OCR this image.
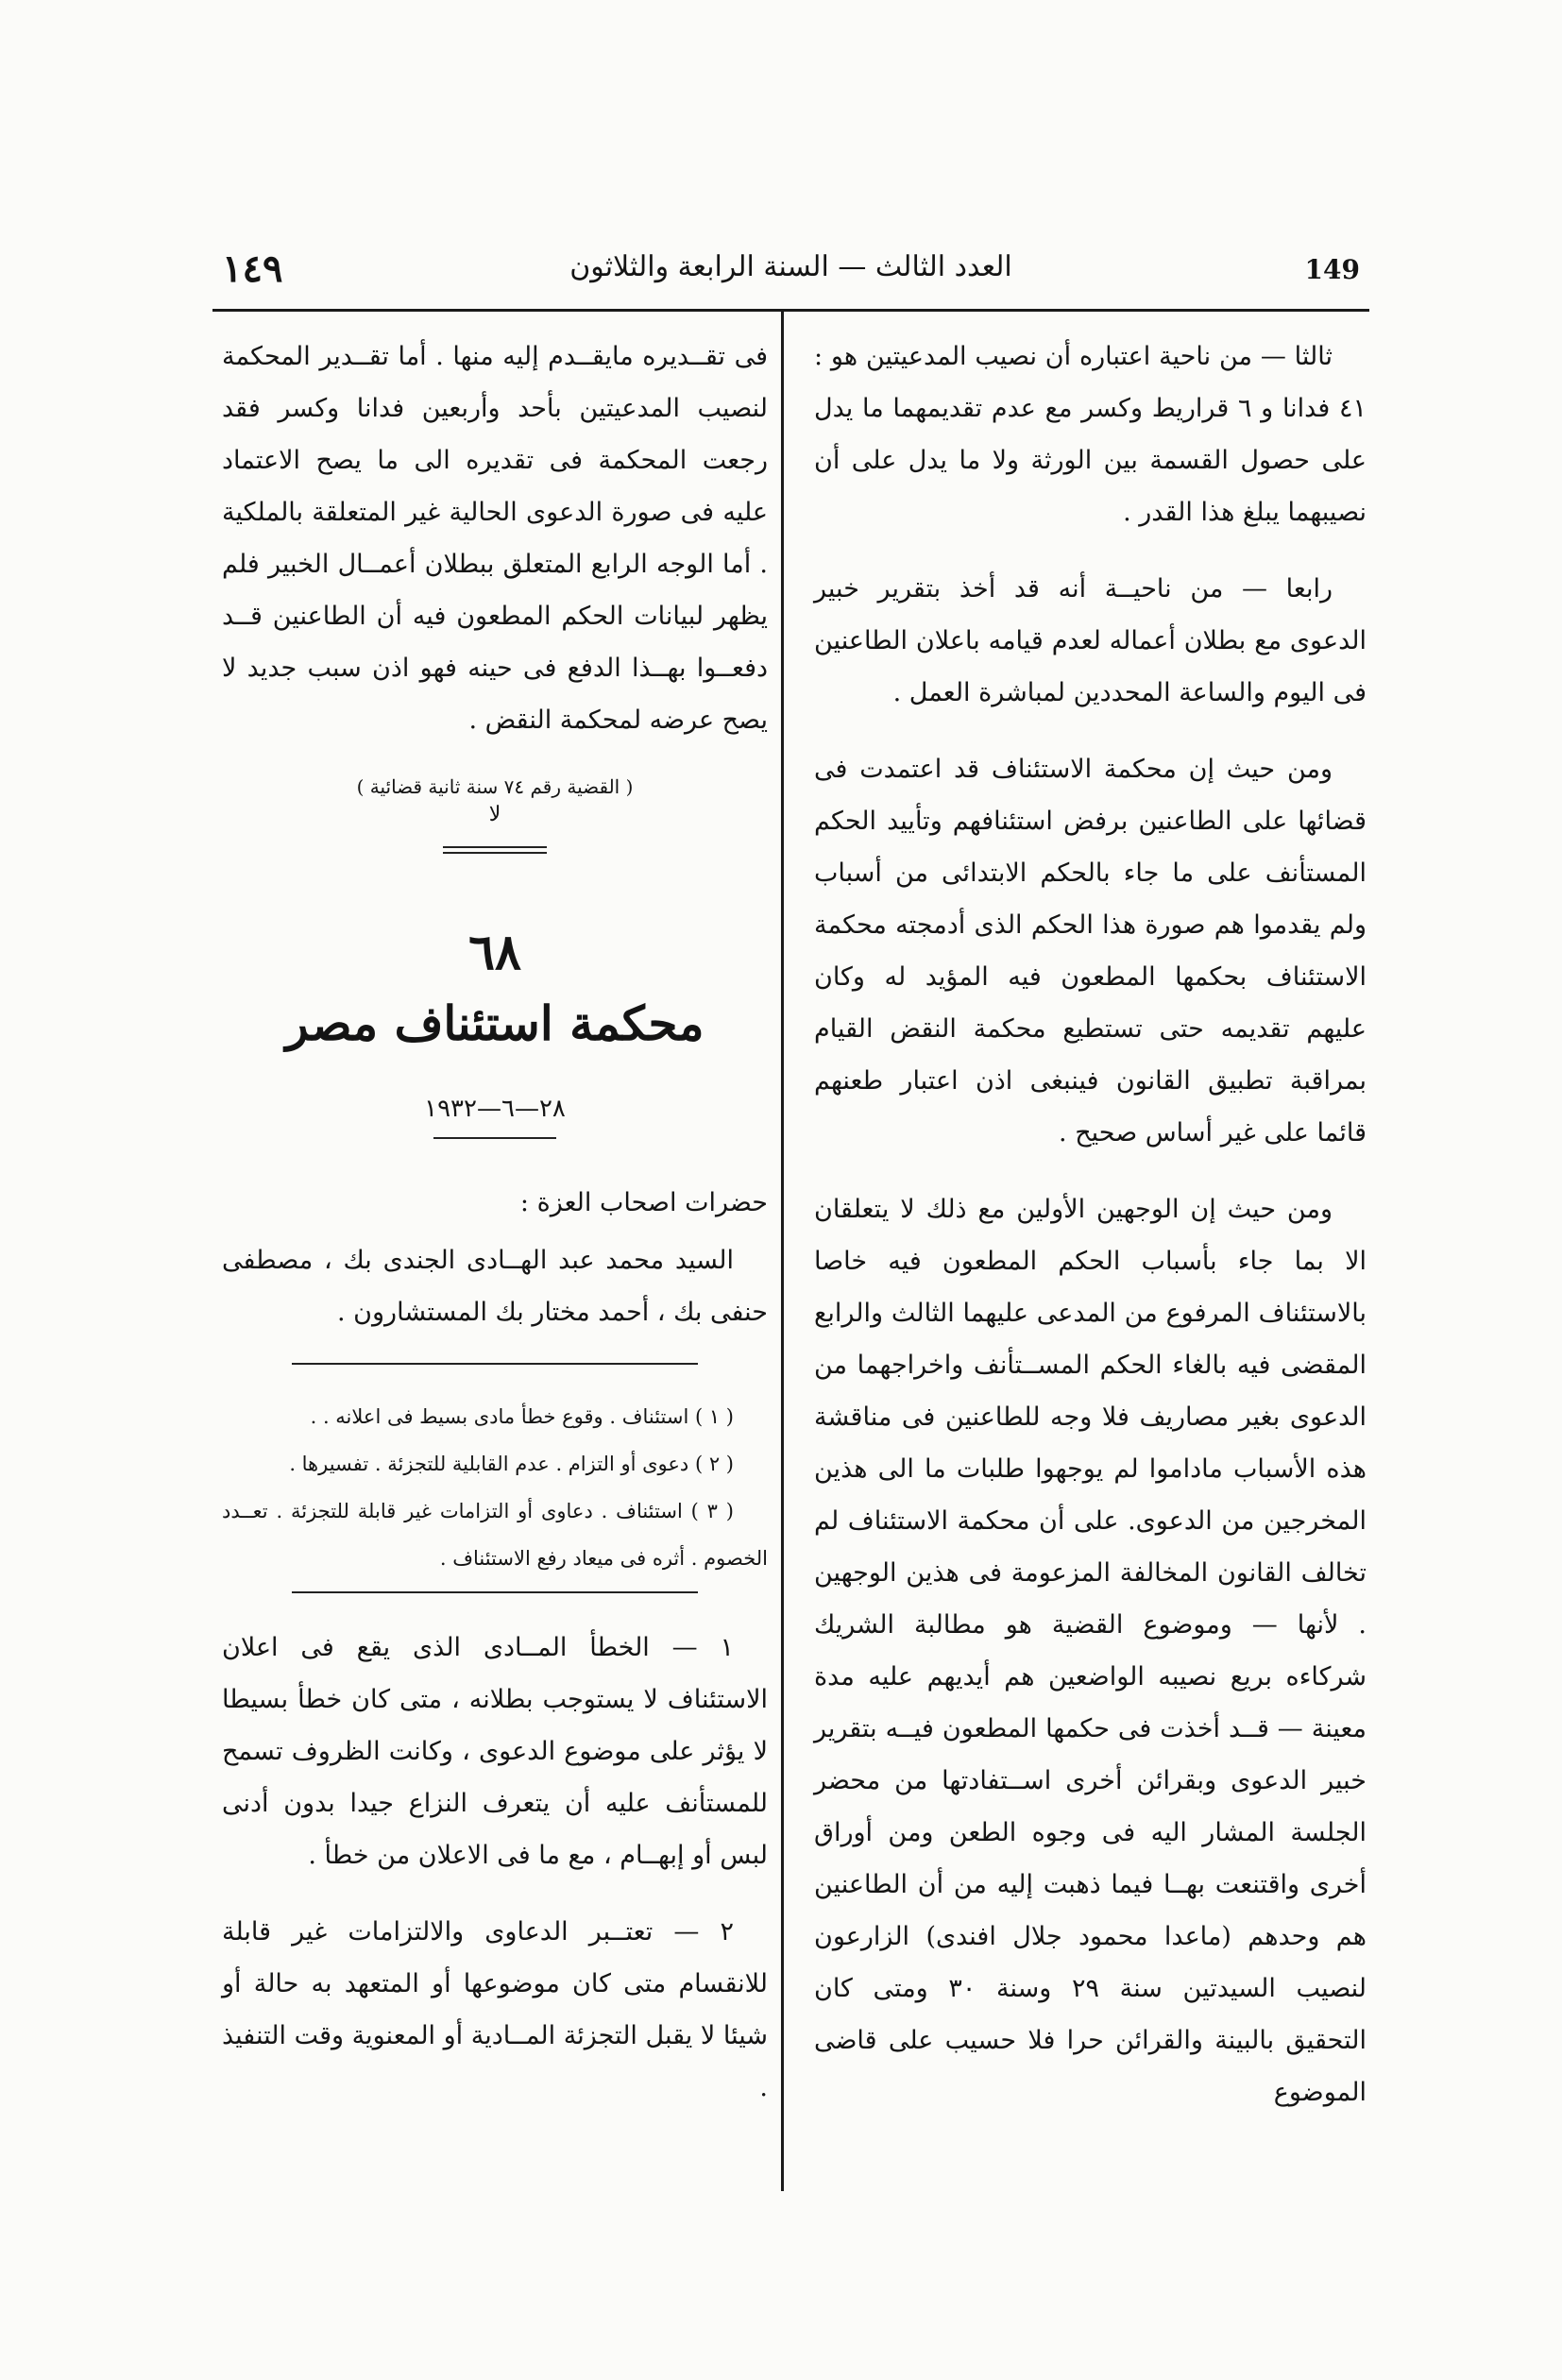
١٤٩	العدد الثالث — السنة الرابعة والثلاثون	149

ثالثا — من ناحية اعتباره أن نصيب المدعيتين هو : ٤١ فدانا و ٦ قراريط وكسر مع عدم تقديمهما ما يدل على حصول القسمة بين الورثة ولا ما يدل على أن نصيبهما يبلغ هذا القدر .

رابعا — من ناحيــة أنه قد أخذ بتقرير خبير الدعوى مع بطلان أعماله لعدم قيامه باعلان الطاعنين فى اليوم والساعة المحددين لمباشرة العمل .

ومن حيث إن محكمة الاستئناف قد اعتمدت فى قضائها على الطاعنين برفض استئنافهم وتأييد الحكم المستأنف على ما جاء بالحكم الابتدائى من أسباب ولم يقدموا هم صورة هذا الحكم الذى أدمجته محكمة الاستئناف بحكمها المطعون فيه المؤيد له وكان عليهم تقديمه حتى تستطيع محكمة النقض القيام بمراقبة تطبيق القانون فينبغى اذن اعتبار طعنهم قائما على غير أساس صحيح .

ومن حيث إن الوجهين الأولين مع ذلك لا يتعلقان الا بما جاء بأسباب الحكم المطعون فيه خاصا بالاستئناف المرفوع من المدعى عليهما الثالث والرابع المقضى فيه بالغاء الحكم المســتأنف واخراجهما من الدعوى بغير مصاريف فلا وجه للطاعنين فى مناقشة هذه الأسباب ماداموا لم يوجهوا طلبات ما الى هذين المخرجين من الدعوى. على أن محكمة الاستئناف لم تخالف القانون المخالفة المزعومة فى هذين الوجهين . لأنها — وموضوع القضية هو مطالبة الشريك شركاءه بريع نصيبه الواضعين هم أيديهم عليه مدة معينة — قــد أخذت فى حكمها المطعون فيــه بتقرير خبير الدعوى وبقرائن أخرى اســتفادتها من محضر الجلسة المشار اليه فى وجوه الطعن ومن أوراق أخرى واقتنعت بهــا فيما ذهبت إليه من أن الطاعنين هم وحدهم (ماعدا محمود جلال افندى) الزارعون لنصيب السيدتين سنة ٢٩ وسنة ٣٠ ومتى كان التحقيق بالبينة والقرائن حرا فلا حسيب على قاضى الموضوع

فى تقــديره مايقــدم إليه منها . أما تقــدير المحكمة لنصيب المدعيتين بأحد وأربعين فدانا وكسر فقد رجعت المحكمة فى تقديره الى ما يصح الاعتماد عليه فى صورة الدعوى الحالية غير المتعلقة بالملكية . أما الوجه الرابع المتعلق ببطلان أعمــال الخبير فلم يظهر لبيانات الحكم المطعون فيه أن الطاعنين قــد دفعــوا بهــذا الدفع فى حينه فهو اذن سبب جديد لا يصح عرضه لمحكمة النقض .

( القضية رقم ٧٤ سنة ثانية قضائية )
ﻻ

٦٨

محكمة استئناف مصر

٢٨—٦—١٩٣٢

حضرات اصحاب العزة :

السيد محمد عبد الهــادى الجندى بك ، مصطفى حنفى بك ، أحمد مختار بك المستشارون .

( ١ ) استئناف . وقوع خطأ مادى بسيط فى اعلانه . .

( ٢ ) دعوى أو التزام . عدم القابلية للتجزئة . تفسيرها .

( ٣ ) استئناف . دعاوى أو التزامات غير قابلة للتجزئة . تعــدد الخصوم . أثره فى ميعاد رفع الاستئناف .

١ — الخطأ المــادى الذى يقع فى اعلان الاستئناف لا يستوجب بطلانه ، متى كان خطأ بسيطا لا يؤثر على موضوع الدعوى ، وكانت الظروف تسمح للمستأنف عليه أن يتعرف النزاع جيدا بدون أدنى لبس أو إبهــام ، مع ما فى الاعلان من خطأ .

٢ — تعتــبر الدعاوى والالتزامات غير قابلة للانقسام متى كان موضوعها أو المتعهد به حالة أو شيئا لا يقبل التجزئة المــادية أو المعنوية وقت التنفيذ .
